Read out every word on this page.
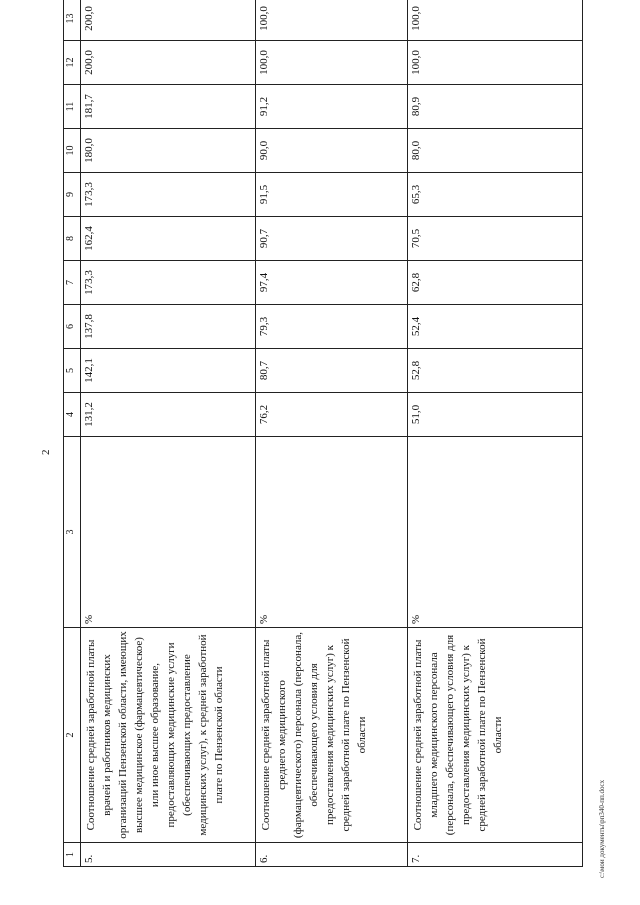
2
1	2	3	4	5	6	7	8	9	10	11	12	13	
5.	Соотношение средней заработной платы врачей и работников медицинских организаций Пензенской области, имеющих высшее медицинское (фармацевтическое) или иное высшее образование, предоставляющих медицинские услуги (обеспечивающих предоставление медицинских услуг), к средней заработной плате по Пензенской области	%	131,2	142,1	137,8	173,3	162,4	173,3	180,0	181,7	200,0	200,0	
6.	Соотношение средней заработной платы среднего медицинского (фармацевтического) персонала (персонала, обеспечивающего условия для предоставления медицинских услуг) к средней заработной плате по Пензенской области	%	76,2	80,7	79,3	97,4	90,7	91,5	90,0	91,2	100,0	100,0	
7.	Соотношение средней заработной платы младшего медицинского персонала (персонала, обеспечивающего условия для предоставления медицинских услуг) к средней заработной плате по Пензенской области	%	51,0	52,8	52,4	62,8	70,5	65,3	80,0	80,9	100,0	100,0	
c:\мои документы\рп340-пп.docx
